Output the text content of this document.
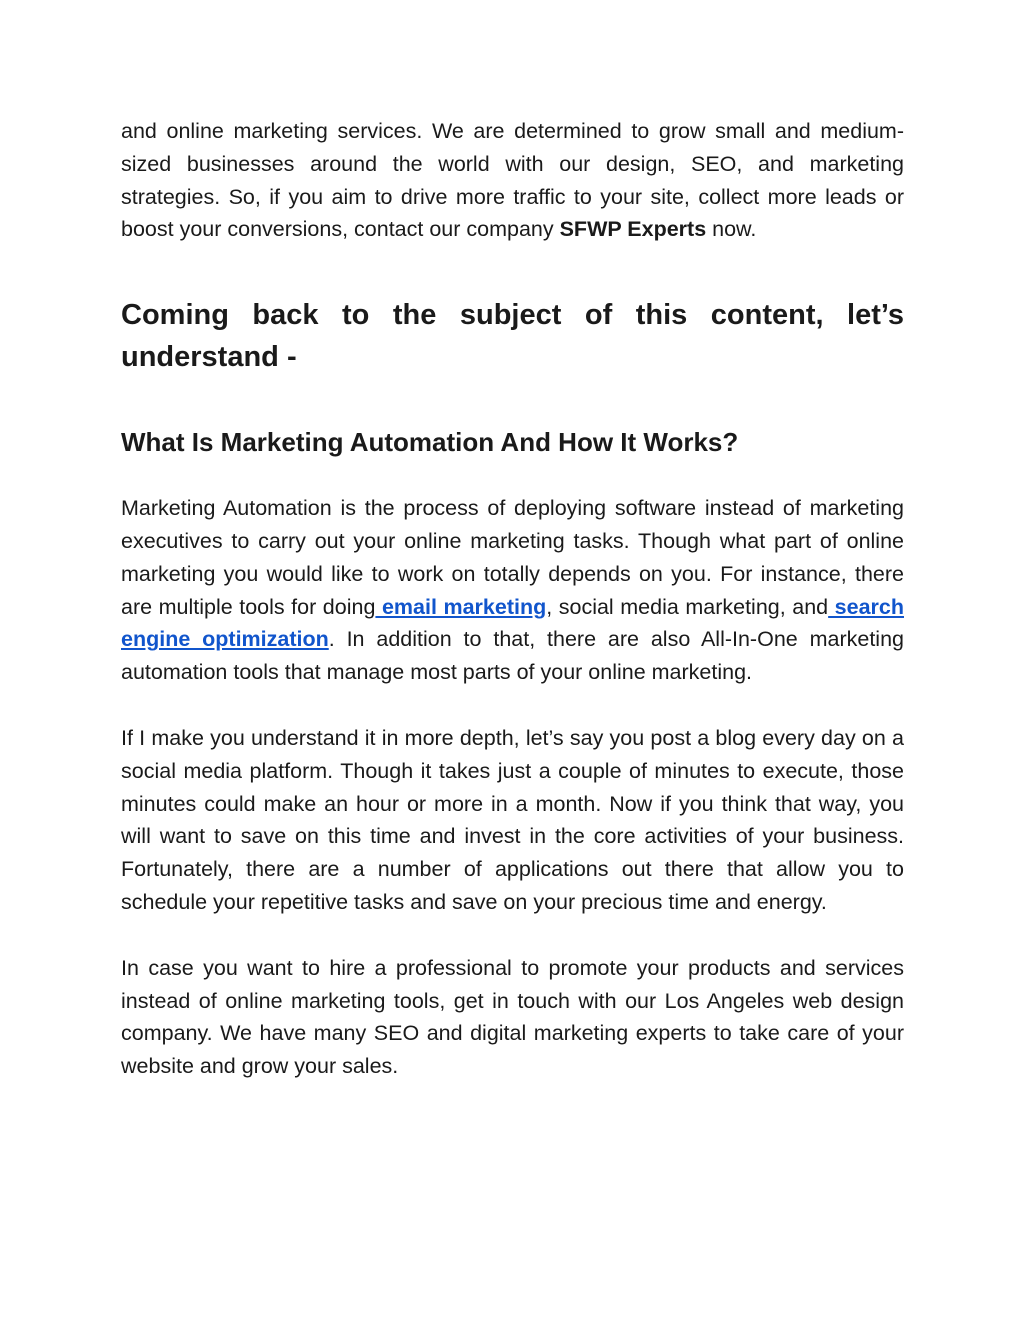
and online marketing services. We are determined to grow small and medium-sized businesses around the world with our design, SEO, and marketing strategies. So, if you aim to drive more traffic to your site, collect more leads or boost your conversions, contact our company SFWP Experts now.

Coming back to the subject of this content, let’s understand -
What Is Marketing Automation And How It Works?

Marketing Automation is the process of deploying software instead of marketing executives to carry out your online marketing tasks. Though what part of online marketing you would like to work on totally depends on you. For instance, there are multiple tools for doing email marketing, social media marketing, and search engine optimization. In addition to that, there are also All-In-One marketing automation tools that manage most parts of your online marketing.

If I make you understand it in more depth, let’s say you post a blog every day on a social media platform. Though it takes just a couple of minutes to execute, those minutes could make an hour or more in a month. Now if you think that way, you will want to save on this time and invest in the core activities of your business. Fortunately, there are a number of applications out there that allow you to schedule your repetitive tasks and save on your precious time and energy.

In case you want to hire a professional to promote your products and services instead of online marketing tools, get in touch with our Los Angeles web design company. We have many SEO and digital marketing experts to take care of your website and grow your sales.
